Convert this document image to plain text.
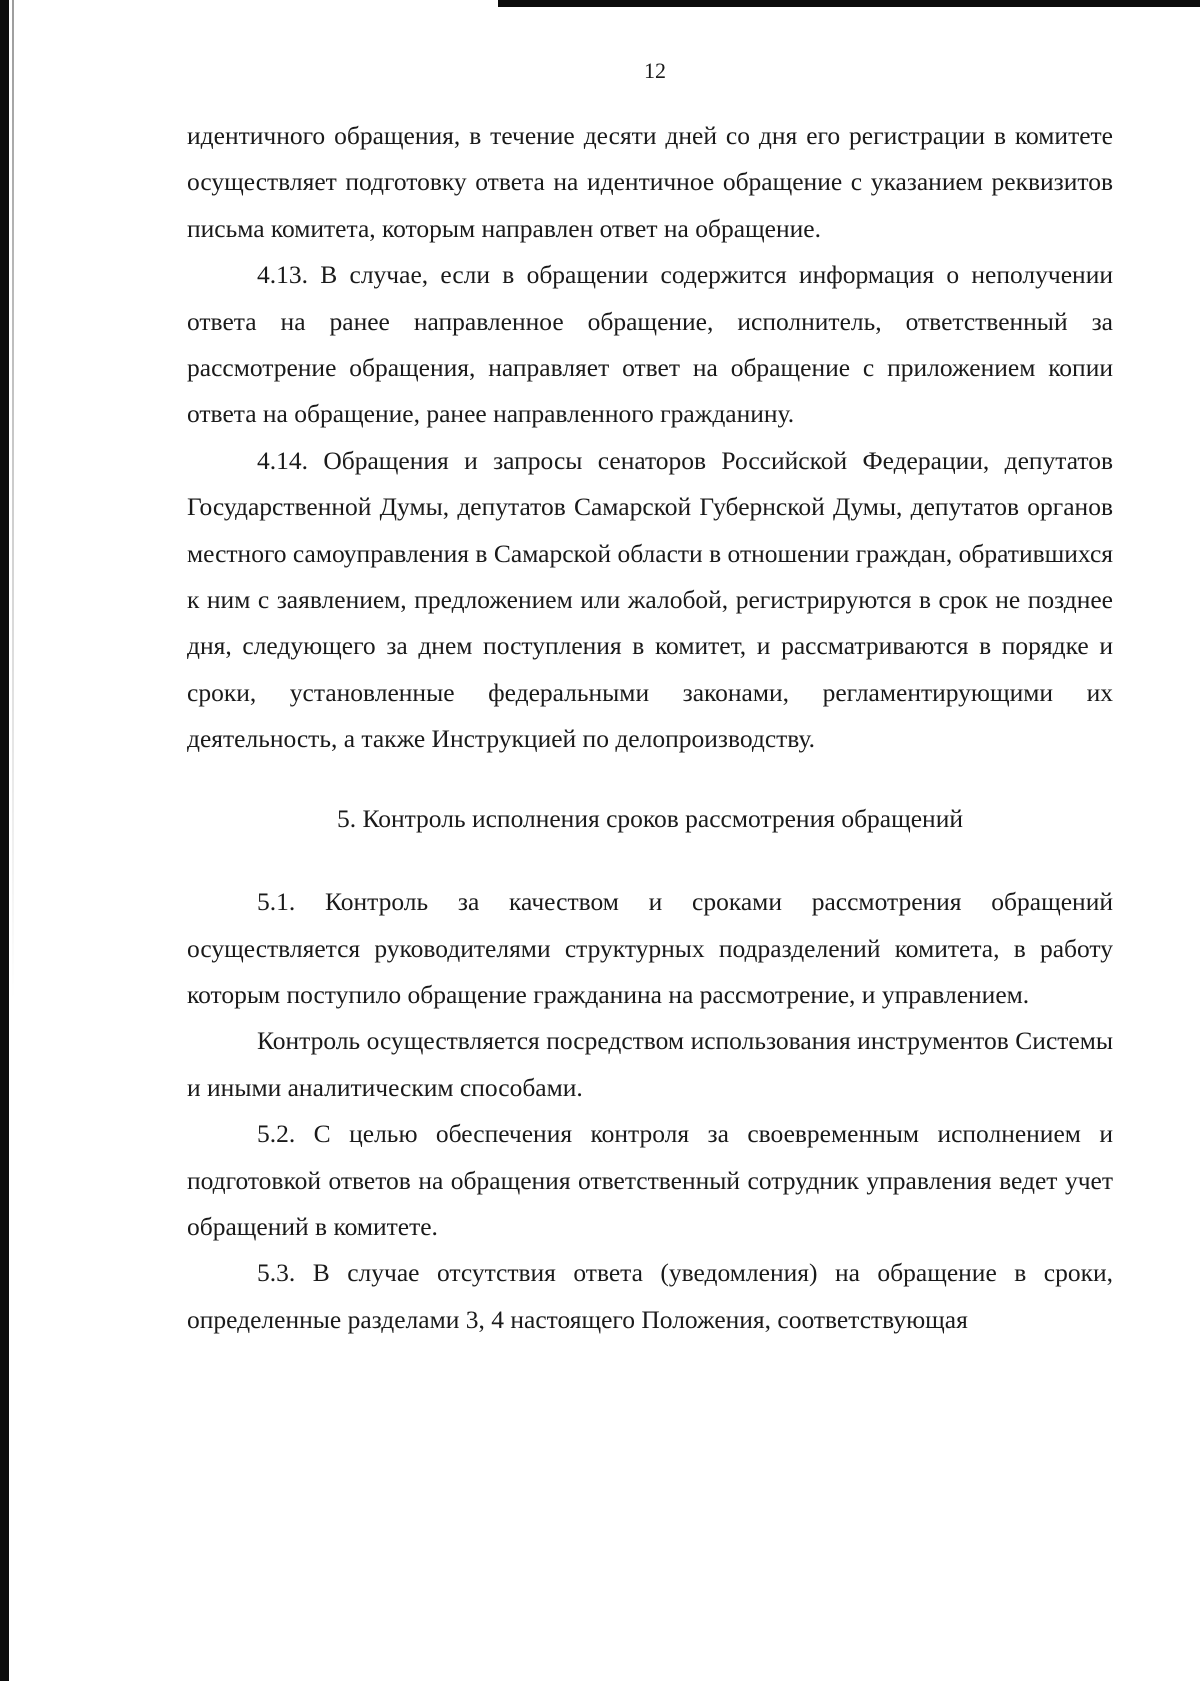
12

идентичного обращения, в течение десяти дней со дня его регистрации в комитете осуществляет подготовку ответа на идентичное обращение с указанием реквизитов письма комитета, которым направлен ответ на обращение.

4.13. В случае, если в обращении содержится информация о неполучении ответа на ранее направленное обращение, исполнитель, ответственный за рассмотрение обращения, направляет ответ на обращение с приложением копии ответа на обращение, ранее направленного гражданину.

4.14. Обращения и запросы сенаторов Российской Федерации, депутатов Государственной Думы, депутатов Самарской Губернской Думы, депутатов органов местного самоуправления в Самарской области в отношении граждан, обратившихся к ним с заявлением, предложением или жалобой, регистрируются в срок не позднее дня, следующего за днем поступления в комитет, и рассматриваются в порядке и сроки, установленные федеральными законами, регламентирующими их деятельность, а также Инструкцией по делопроизводству.

5. Контроль исполнения сроков рассмотрения обращений

5.1. Контроль за качеством и сроками рассмотрения обращений осуществляется руководителями структурных подразделений комитета, в работу которым поступило обращение гражданина на рассмотрение, и управлением.

Контроль осуществляется посредством использования инструментов Системы и иными аналитическим способами.

5.2. С целью обеспечения контроля за своевременным исполнением и подготовкой ответов на обращения ответственный сотрудник управления ведет учет обращений в комитете.

5.3. В случае отсутствия ответа (уведомления) на обращение в сроки, определенные разделами 3, 4 настоящего Положения, соответствующая
